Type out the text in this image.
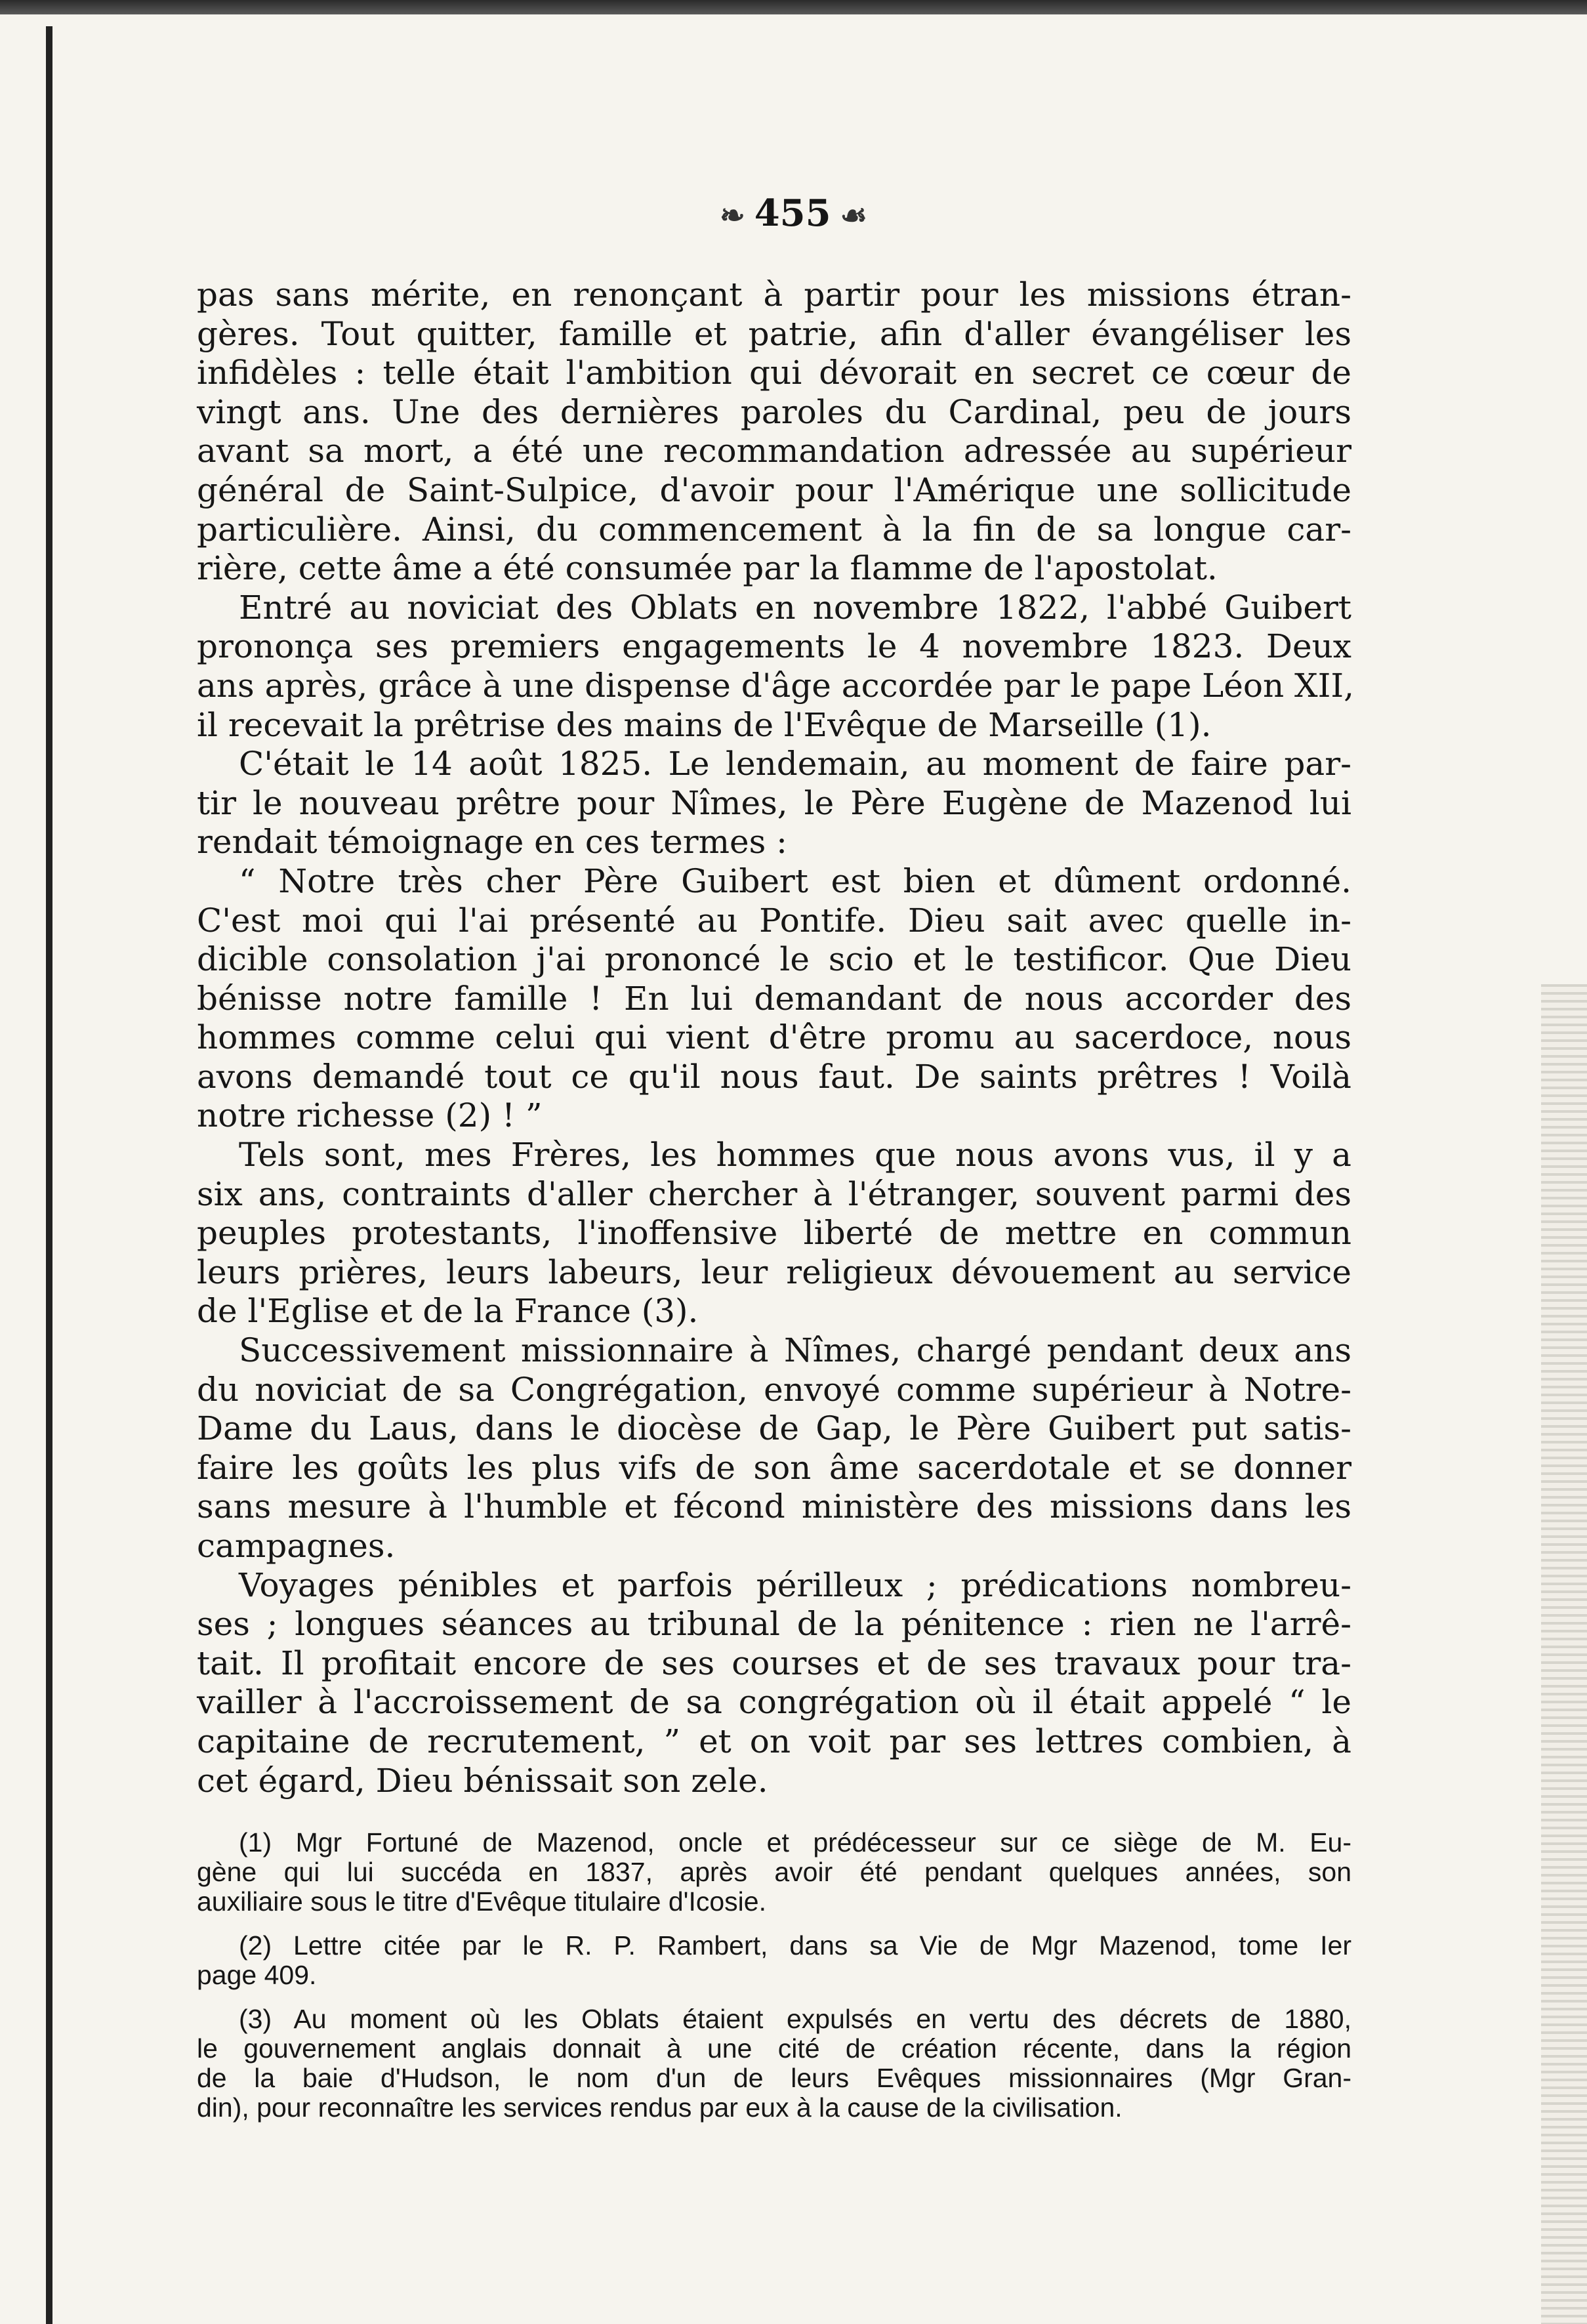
❧ 455 ☙
pas sans mérite, en renonçant à partir pour les missions étran-
gères. Tout quitter, famille et patrie, afin d'aller évangéliser les
infidèles : telle était l'ambition qui dévorait en secret ce cœur de
vingt ans. Une des dernières paroles du Cardinal, peu de jours
avant sa mort, a été une recommandation adressée au supérieur
général de Saint-Sulpice, d'avoir pour l'Amérique une sollicitude
particulière. Ainsi, du commencement à la fin de sa longue car-
rière, cette âme a été consumée par la flamme de l'apostolat.
Entré au noviciat des Oblats en novembre 1822, l'abbé Guibert
prononça ses premiers engagements le 4 novembre 1823. Deux
ans après, grâce à une dispense d'âge accordée par le pape Léon XII,
il recevait la prêtrise des mains de l'Evêque de Marseille (1).
C'était le 14 août 1825. Le lendemain, au moment de faire par-
tir le nouveau prêtre pour Nîmes, le Père Eugène de Mazenod lui
rendait témoignage en ces termes :
“ Notre très cher Père Guibert est bien et dûment ordonné.
C'est moi qui l'ai présenté au Pontife. Dieu sait avec quelle in-
dicible consolation j'ai prononcé le scio et le testificor. Que Dieu
bénisse notre famille ! En lui demandant de nous accorder des
hommes comme celui qui vient d'être promu au sacerdoce, nous
avons demandé tout ce qu'il nous faut. De saints prêtres ! Voilà
notre richesse (2) ! ”
Tels sont, mes Frères, les hommes que nous avons vus, il y a
six ans, contraints d'aller chercher à l'étranger, souvent parmi des
peuples protestants, l'inoffensive liberté de mettre en commun
leurs prières, leurs labeurs, leur religieux dévouement au service
de l'Eglise et de la France (3).
Successivement missionnaire à Nîmes, chargé pendant deux ans
du noviciat de sa Congrégation, envoyé comme supérieur à Notre-
Dame du Laus, dans le diocèse de Gap, le Père Guibert put satis-
faire les goûts les plus vifs de son âme sacerdotale et se donner
sans mesure à l'humble et fécond ministère des missions dans les
campagnes.
Voyages pénibles et parfois périlleux ; prédications nombreu-
ses ; longues séances au tribunal de la pénitence : rien ne l'arrê-
tait. Il profitait encore de ses courses et de ses travaux pour tra-
vailler à l'accroissement de sa congrégation où il était appelé “ le
capitaine de recrutement, ” et on voit par ses lettres combien, à
cet égard, Dieu bénissait son zele.
(1) Mgr Fortuné de Mazenod, oncle et prédécesseur sur ce siège de M. Eu-
gène qui lui succéda en 1837, après avoir été pendant quelques années, son
auxiliaire sous le titre d'Evêque titulaire d'Icosie.
(2) Lettre citée par le R. P. Rambert, dans sa Vie de Mgr Mazenod, tome Ier
page 409.
(3) Au moment où les Oblats étaient expulsés en vertu des décrets de 1880,
le gouvernement anglais donnait à une cité de création récente, dans la région
de la baie d'Hudson, le nom d'un de leurs Evêques missionnaires (Mgr Gran-
din), pour reconnaître les services rendus par eux à la cause de la civilisation.
